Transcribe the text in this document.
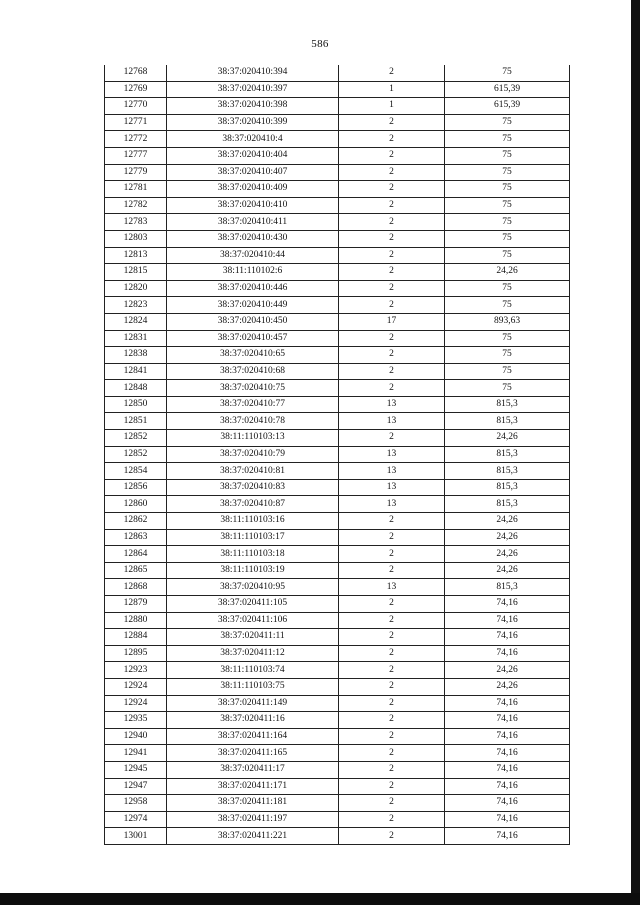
586
12768	38:37:020410:394	2	75
12769	38:37:020410:397	1	615,39
12770	38:37:020410:398	1	615,39
12771	38:37:020410:399	2	75
12772	38:37:020410:4	2	75
12777	38:37:020410:404	2	75
12779	38:37:020410:407	2	75
12781	38:37:020410:409	2	75
12782	38:37:020410:410	2	75
12783	38:37:020410:411	2	75
12803	38:37:020410:430	2	75
12813	38:37:020410:44	2	75
12815	38:11:110102:6	2	24,26
12820	38:37:020410:446	2	75
12823	38:37:020410:449	2	75
12824	38:37:020410:450	17	893,63
12831	38:37:020410:457	2	75
12838	38:37:020410:65	2	75
12841	38:37:020410:68	2	75
12848	38:37:020410:75	2	75
12850	38:37:020410:77	13	815,3
12851	38:37:020410:78	13	815,3
12852	38:11:110103:13	2	24,26
12852	38:37:020410:79	13	815,3
12854	38:37:020410:81	13	815,3
12856	38:37:020410:83	13	815,3
12860	38:37:020410:87	13	815,3
12862	38:11:110103:16	2	24,26
12863	38:11:110103:17	2	24,26
12864	38:11:110103:18	2	24,26
12865	38:11:110103:19	2	24,26
12868	38:37:020410:95	13	815,3
12879	38:37:020411:105	2	74,16
12880	38:37:020411:106	2	74,16
12884	38:37:020411:11	2	74,16
12895	38:37:020411:12	2	74,16
12923	38:11:110103:74	2	24,26
12924	38:11:110103:75	2	24,26
12924	38:37:020411:149	2	74,16
12935	38:37:020411:16	2	74,16
12940	38:37:020411:164	2	74,16
12941	38:37:020411:165	2	74,16
12945	38:37:020411:17	2	74,16
12947	38:37:020411:171	2	74,16
12958	38:37:020411:181	2	74,16
12974	38:37:020411:197	2	74,16
13001	38:37:020411:221	2	74,16
